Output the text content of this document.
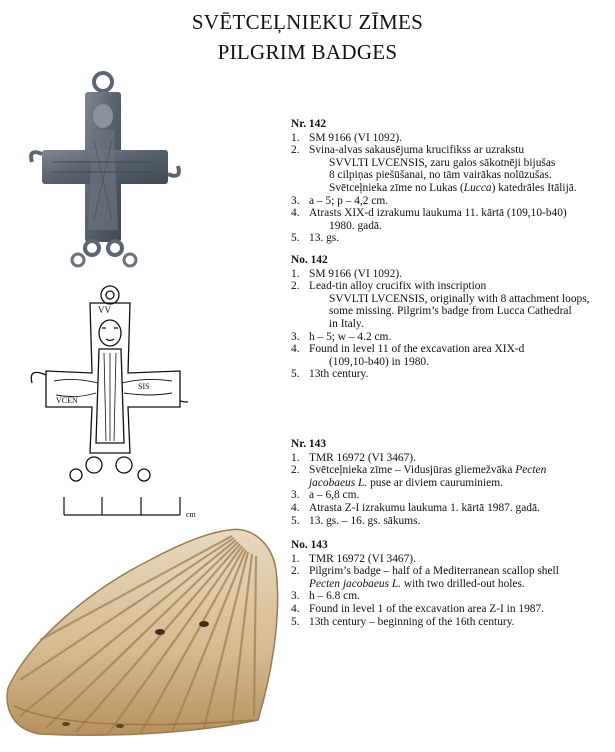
SVĒTCEĻNIEKU ZĪMES
PILGRIM BADGES
VV
VCEN
SIS
cm
Nr. 142
1. SM 9166 (VI 1092).
2. Svina-alvas sakausējuma krucifikss ar uzrakstu
SVVLTI LVCENSIS, zaru galos sākotnēji bijušas
8 cilpiņas piešūšanai, no tām vairākas nolūzušas.
Svētceļnieka zīme no Lukas (Lucca) katedrāles Itālijā.
3. a – 5; p – 4,2 cm.
4. Atrasts XIX-d izrakumu laukuma 11. kārtā (109,10-b40)
1980. gadā.
5. 13. gs.
No. 142
1. SM 9166 (VI 1092).
2. Lead-tin alloy crucifix with inscription
SVVLTI LVCENSIS, originally with 8 attachment loops,
some missing. Pilgrim’s badge from Lucca Cathedral
in Italy.
3. h – 5; w – 4.2 cm.
4. Found in level 11 of the excavation area XIX-d
(109,10-b40) in 1980.
5. 13th century.
Nr. 143
1. TMR 16972 (VI 3467).
2. Svētceļnieka zīme – Vidusjūras gliemežvāka Pecten
jacobaeus L. puse ar diviem cauruminiem.
3. a – 6,8 cm.
4. Atrasta Z-I izrakumu laukuma 1. kārtā 1987. gadā.
5. 13. gs. – 16. gs. sākums.
No. 143
1. TMR 16972 (VI 3467).
2. Pilgrim’s badge – half of a Mediterranean scallop shell
Pecten jacobaeus L. with two drilled-out holes.
3. h – 6.8 cm.
4. Found in level 1 of the excavation area Z-I in 1987.
5. 13th century – beginning of the 16th century.
